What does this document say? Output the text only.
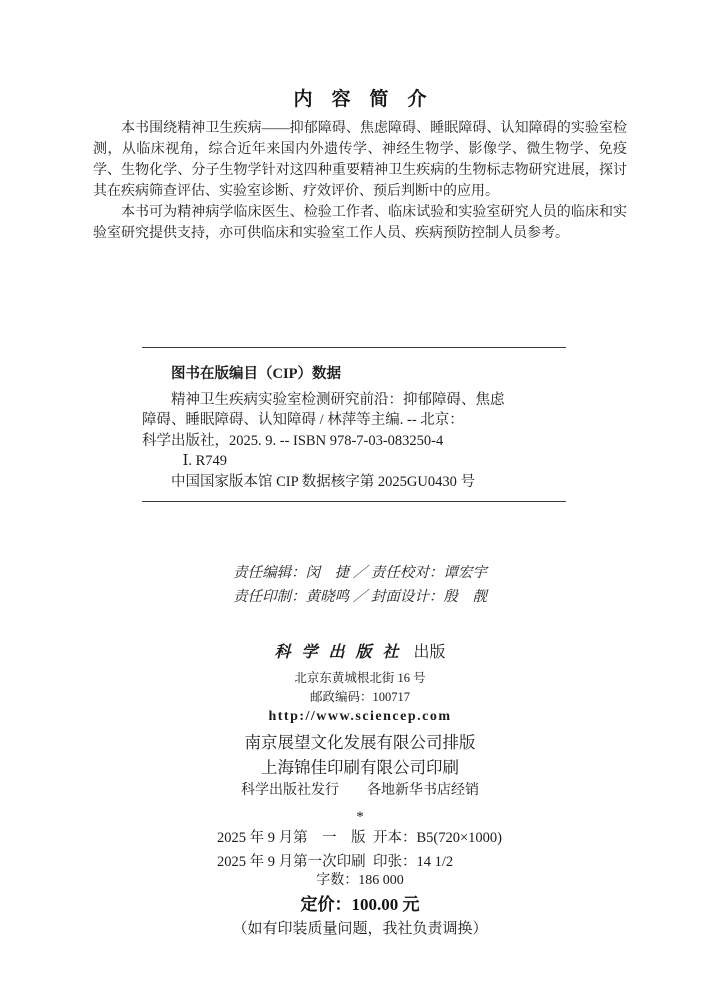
内　容　简　介

本书围绕精神卫生疾病——抑郁障碍、焦虑障碍、睡眠障碍、认知障碍的实验室检测，从临床视角，综合近年来国内外遗传学、神经生物学、影像学、微生物学、免疫学、生物化学、分子生物学针对这四种重要精神卫生疾病的生物标志物研究进展，探讨其在疾病筛查评估、实验室诊断、疗效评价、预后判断中的应用。

本书可为精神病学临床医生、检验工作者、临床试验和实验室研究人员的临床和实验室研究提供支持，亦可供临床和实验室工作人员、疾病预防控制人员参考。

图书在版编目（CIP）数据

精神卫生疾病实验室检测研究前沿：抑郁障碍、焦虑

障碍、睡眠障碍、认知障碍 / 林萍等主编. -- 北京：

科学出版社，2025. 9. -- ISBN 978-7-03-083250-4

Ⅰ. R749

中国国家版本馆 CIP 数据核字第 2025GU0430 号

责任编辑：闵　捷 ／ 责任校对：谭宏宇

责任印制：黄晓鸣 ／ 封面设计：殷　靓

科学出版社 出版

北京东黄城根北街 16 号

邮政编码：100717

http://www.sciencep.com

南京展望文化发展有限公司排版

上海锦佳印刷有限公司印刷

科学出版社发行　　各地新华书店经销

*

2025 年 9 月第　一　版 开本：B5(720×1000)
2025 年 9 月第一次印刷 印张：14 1/2

字数：186 000

定价：100.00 元

（如有印装质量问题，我社负责调换）
